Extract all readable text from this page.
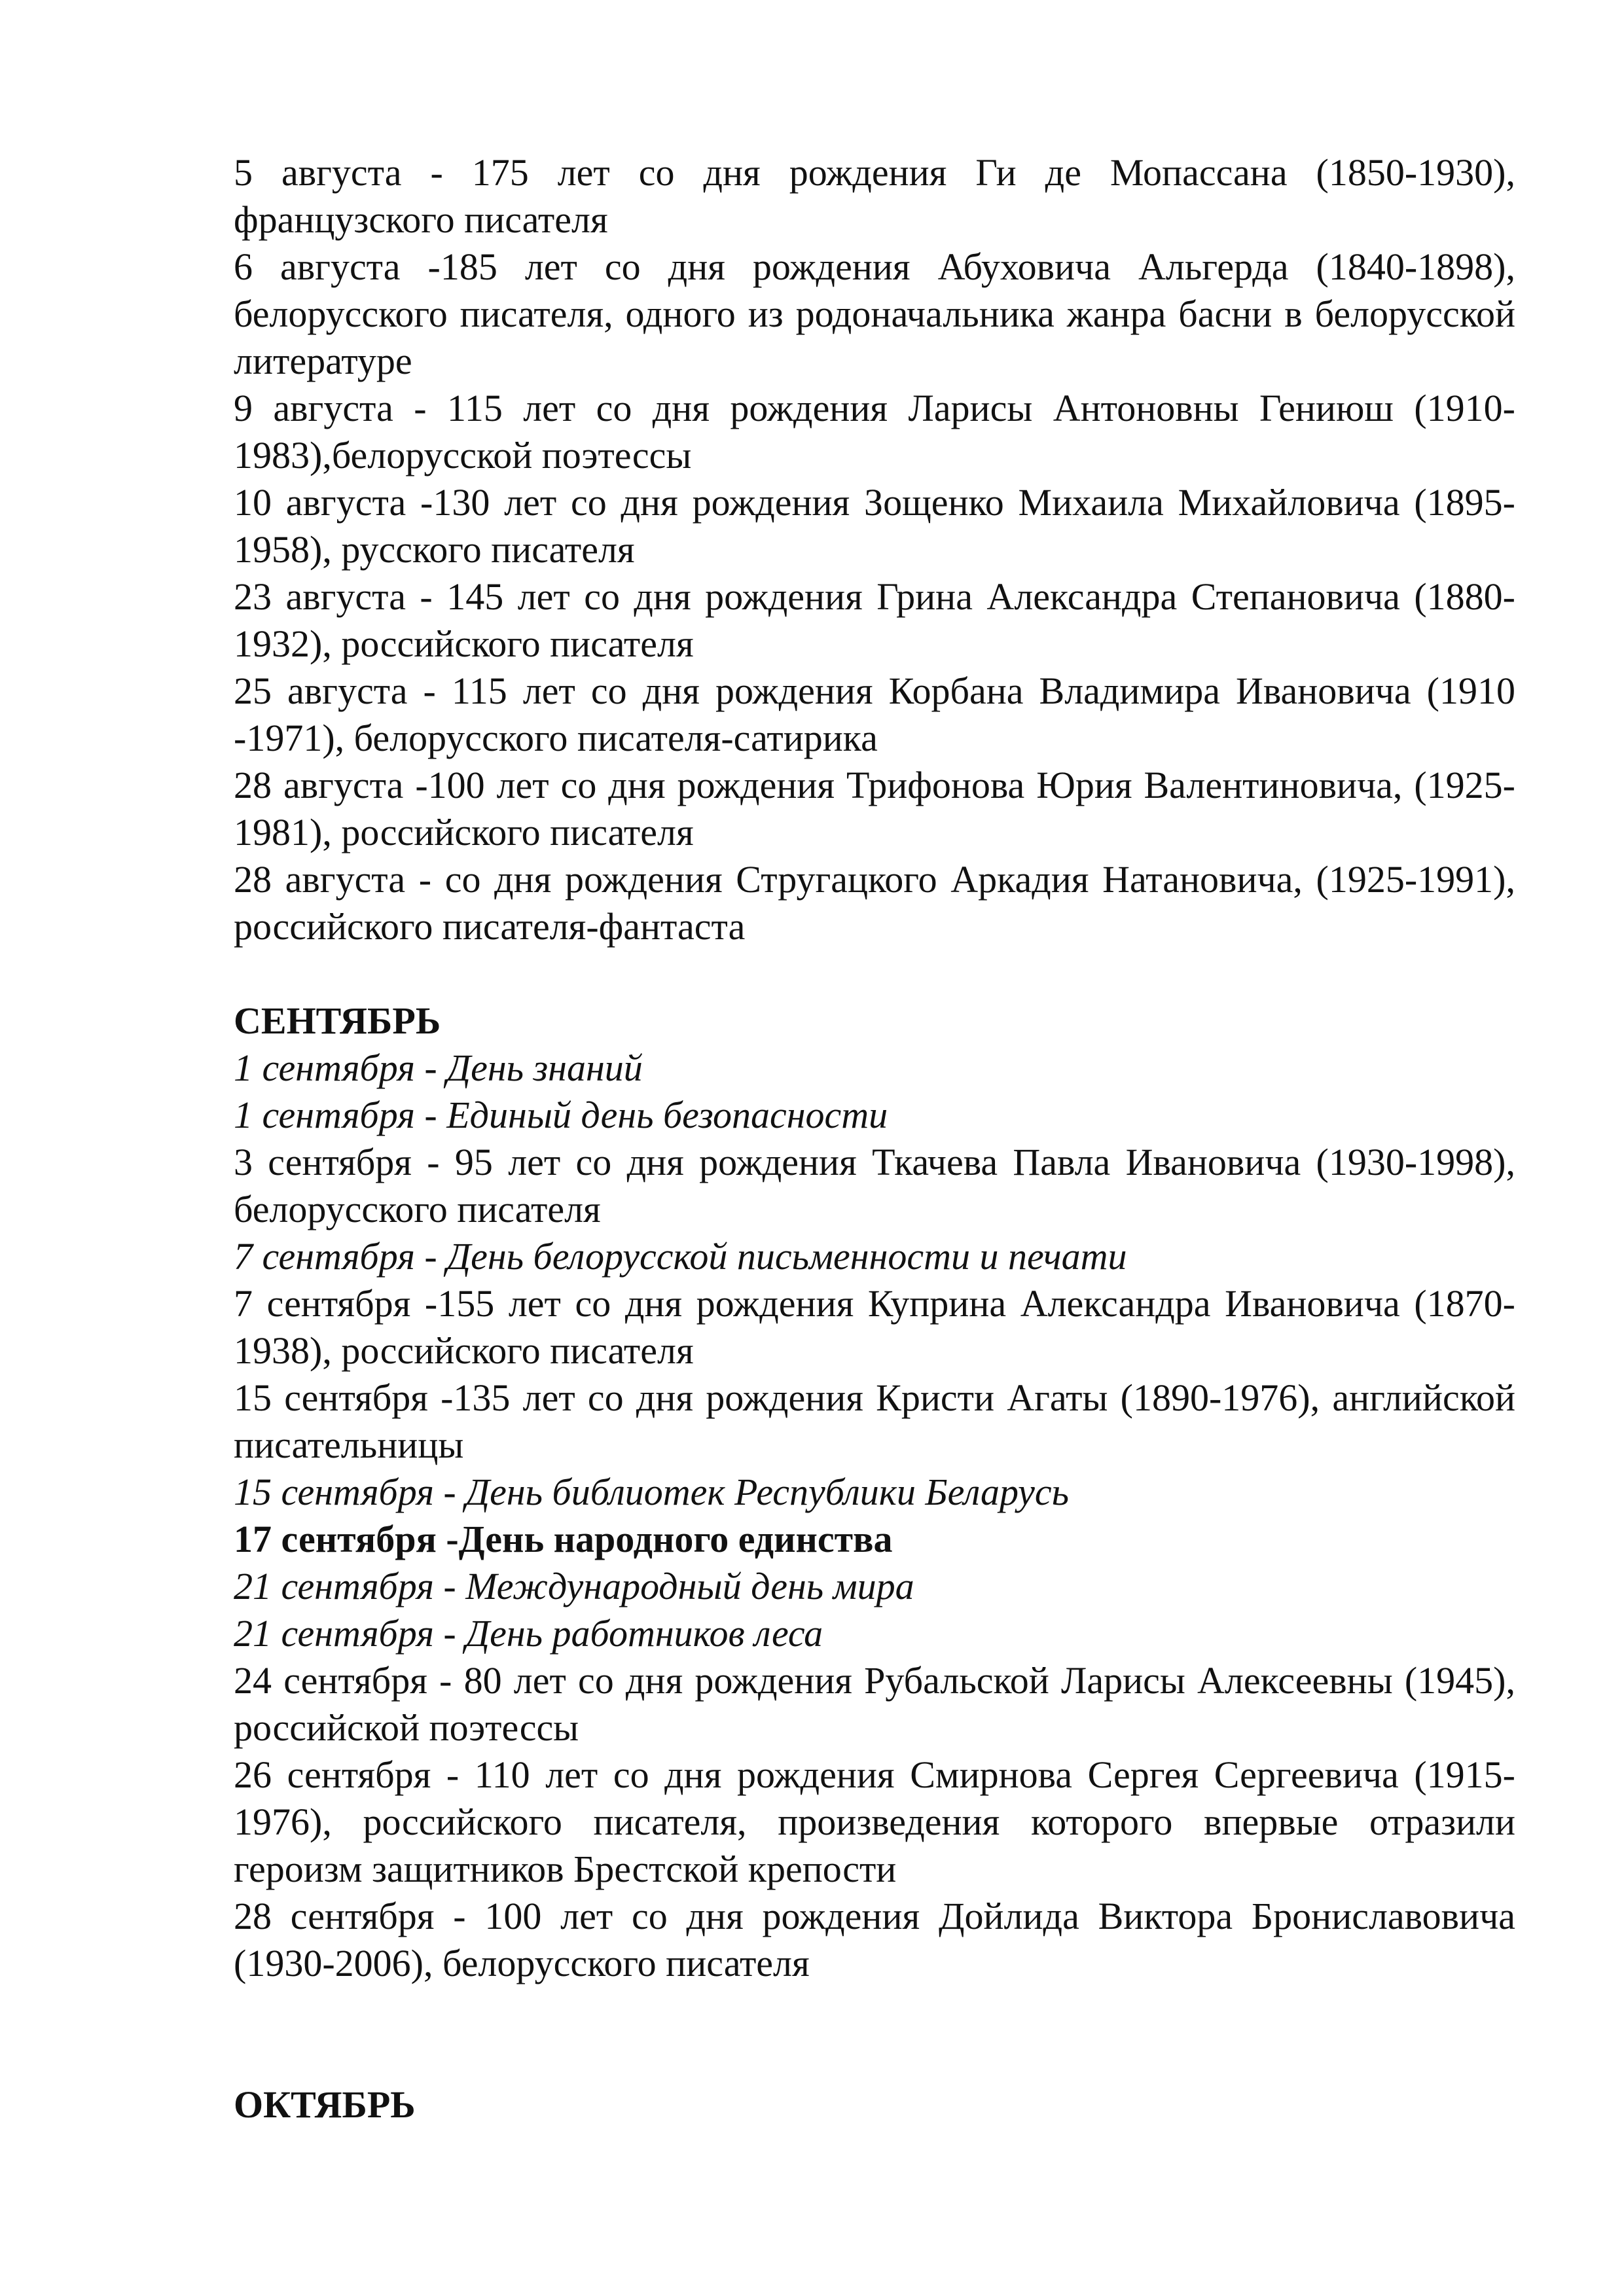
5 августа - 175 лет со дня рождения Ги де Мопассана (1850-1930), французского писателя

6 августа -185 лет со дня рождения Абуховича Альгерда (1840-1898), белорусского писателя, одного из родоначальника жанра басни в белорусской литературе

9 августа - 115 лет со дня рождения Ларисы Антоновны Гениюш (1910-1983),белорусской поэтессы

10 августа -130 лет со дня рождения Зощенко Михаила Михайловича (1895-1958), русского писателя

23 августа - 145 лет со дня рождения Грина Александра Степановича (1880-1932), российского писателя

25 августа - 115 лет со дня рождения Корбана Владимира Ивановича (1910 -1971), белорусского писателя-сатирика

28 августа -100 лет со дня рождения Трифонова Юрия Валентиновича, (1925-1981), российского писателя

28 августа - со дня рождения Стругацкого Аркадия Натановича, (1925-1991), российского писателя-фантаста

СЕНТЯБРЬ

1 сентября - День знаний

1 сентября - Единый день безопасности

3 сентября - 95 лет со дня рождения Ткачева Павла Ивановича (1930-1998), белорусского писателя

7 сентября - День белорусской письменности и печати

7 сентября -155 лет со дня рождения Куприна Александра Ивановича (1870-1938), российского писателя

15 сентября -135 лет со дня рождения Кристи Агаты (1890-1976), английской писательницы

15 сентября - День библиотек Республики Беларусь

17 сентября -День народного единства

21 сентября - Международный день мира

21 сентября - День работников леса

24 сентября - 80 лет со дня рождения Рубальской Ларисы Алексеевны (1945), российской поэтессы

26 сентября - 110 лет со дня рождения Смирнова Сергея Сергеевича (1915-1976), российского писателя, произведения которого впервые отразили героизм защитников Брестской крепости

28 сентября - 100 лет со дня рождения Дойлида Виктора Брониславовича (1930-2006), белорусского писателя

ОКТЯБРЬ
